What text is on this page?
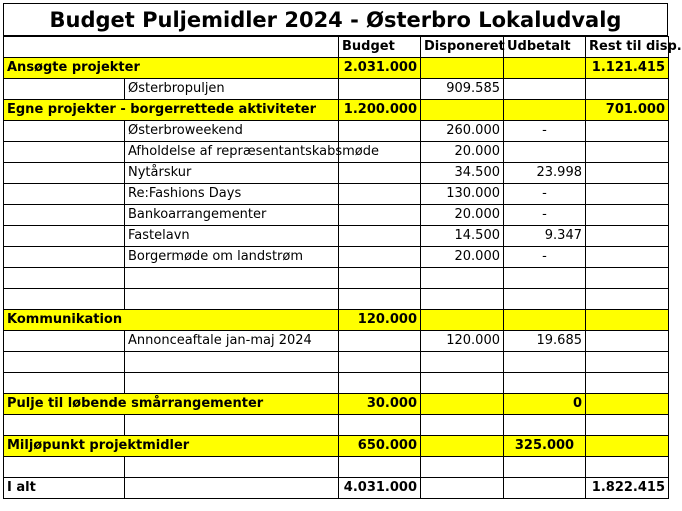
Budget Puljemidler 2024 - Østerbro Lokaludvalg
		Budget	Disponeret	Udbetalt	Rest til disp.
Ansøgte projekter		2.031.000			1.121.415
	Østerbropuljen		909.585		
Egne projekter - borgerrettede aktiviteter		1.200.000			701.000
	Østerbroweekend		260.000	-	
	Afholdelse af repræsentantskabsmøde		20.000		
	Nytårskur		34.500	23.998	
	Re:Fashions Days		130.000	-	
	Bankoarrangementer		20.000	-	
	Fastelavn		14.500	9.347	
	Borgermøde om landstrøm		20.000	-	

Kommunikation		120.000			
	Annonceaftale jan-maj 2024		120.000	19.685	

Pulje til løbende smårrangementer		30.000		0	

Miljøpunkt projektmidler		650.000		325.000	

I alt		4.031.000			1.822.415
